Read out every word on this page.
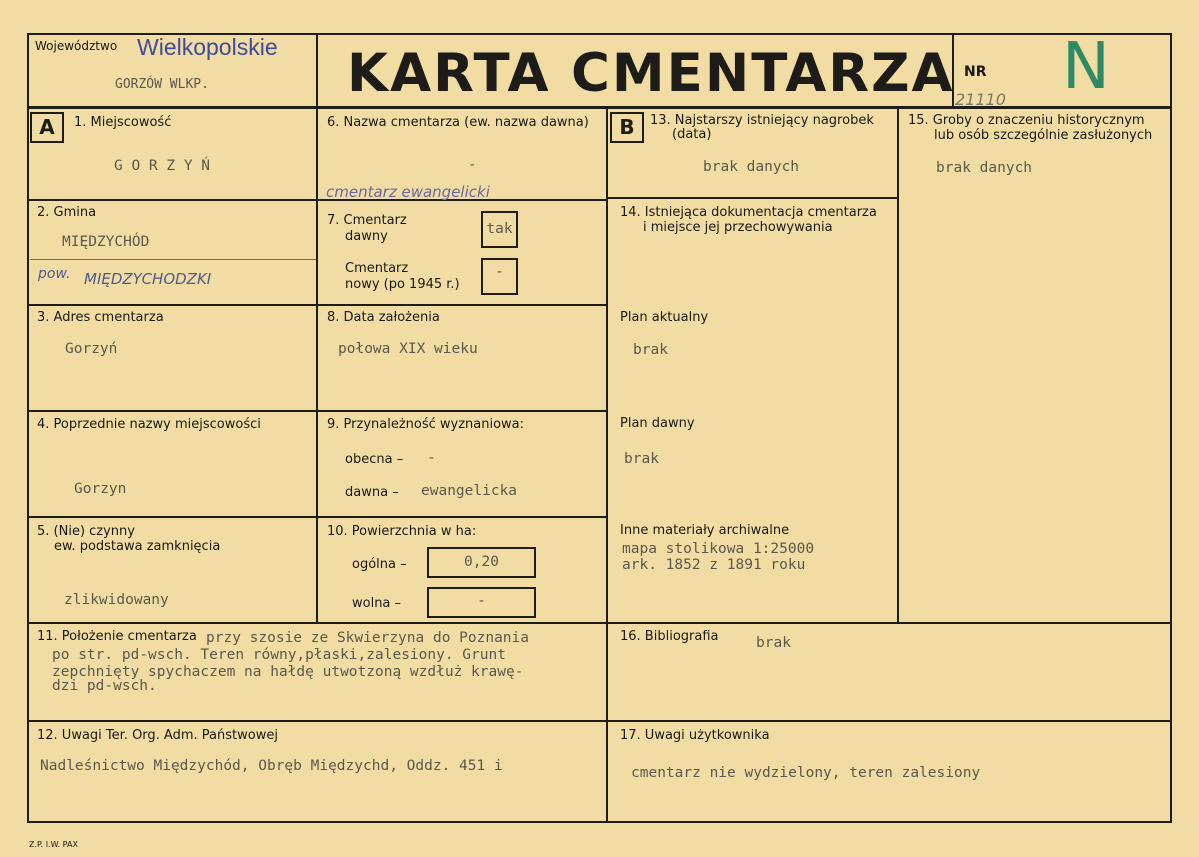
Województwo Wielkopolskie
GORZÓW WLKP.	KARTA CMENTARZA NR N
21110
A	1. Miejscowość
G O R Z Y Ń
2. Gmina
MIĘDZYCHÓD
pow. MIĘDZYCHODZKI
3. Adres cmentarza
Gorzyń
4. Poprzednie nazwy miejscowości
Gorzyn
5. (Nie) czynny
ew. podstawa zamknięcia
zlikwidowany
6. Nazwa cmentarza (ew. nazwa dawna)
-
cmentarz ewangelicki
7. Cmentarz
dawny	tak
Cmentarz
nowy (po 1945 r.)
-
8. Data założenia
połowa XIX wieku
9. Przynależność wyznaniowa:
obecna – -
dawna – ewangelicka
10. Powierzchnia w ha:
ogólna –	0,20
wolna –	-
B	13. Najstarszy istniejący nagrobek
(data)
brak danych
14. Istniejąca dokumentacja cmentarza
i miejsce jej przechowywania
Plan aktualny
brak
Plan dawny
brak
Inne materiały archiwalne
mapa stolikowa 1:25000
ark. 1852 z 1891 roku
15. Groby o znaczeniu historycznym
lub osób szczególnie zasłużonych
brak danych
11. Położenie cmentarza przy szosie ze Skwierzyna do Poznania
po str. pd-wsch. Teren równy,płaski,zalesiony. Grunt
zepchnięty spychaczem na hałdę utwotzoną wzdłuż krawę-
dzi pd-wsch.
16. Bibliografia	brak
12. Uwagi Ter. Org. Adm. Państwowej
Nadleśnictwo Międzychód, Obręb Międzychd, Oddz. 451 i
17. Uwagi użytkownika
cmentarz nie wydzielony, teren zalesiony
Z.P. I.W. PAX
